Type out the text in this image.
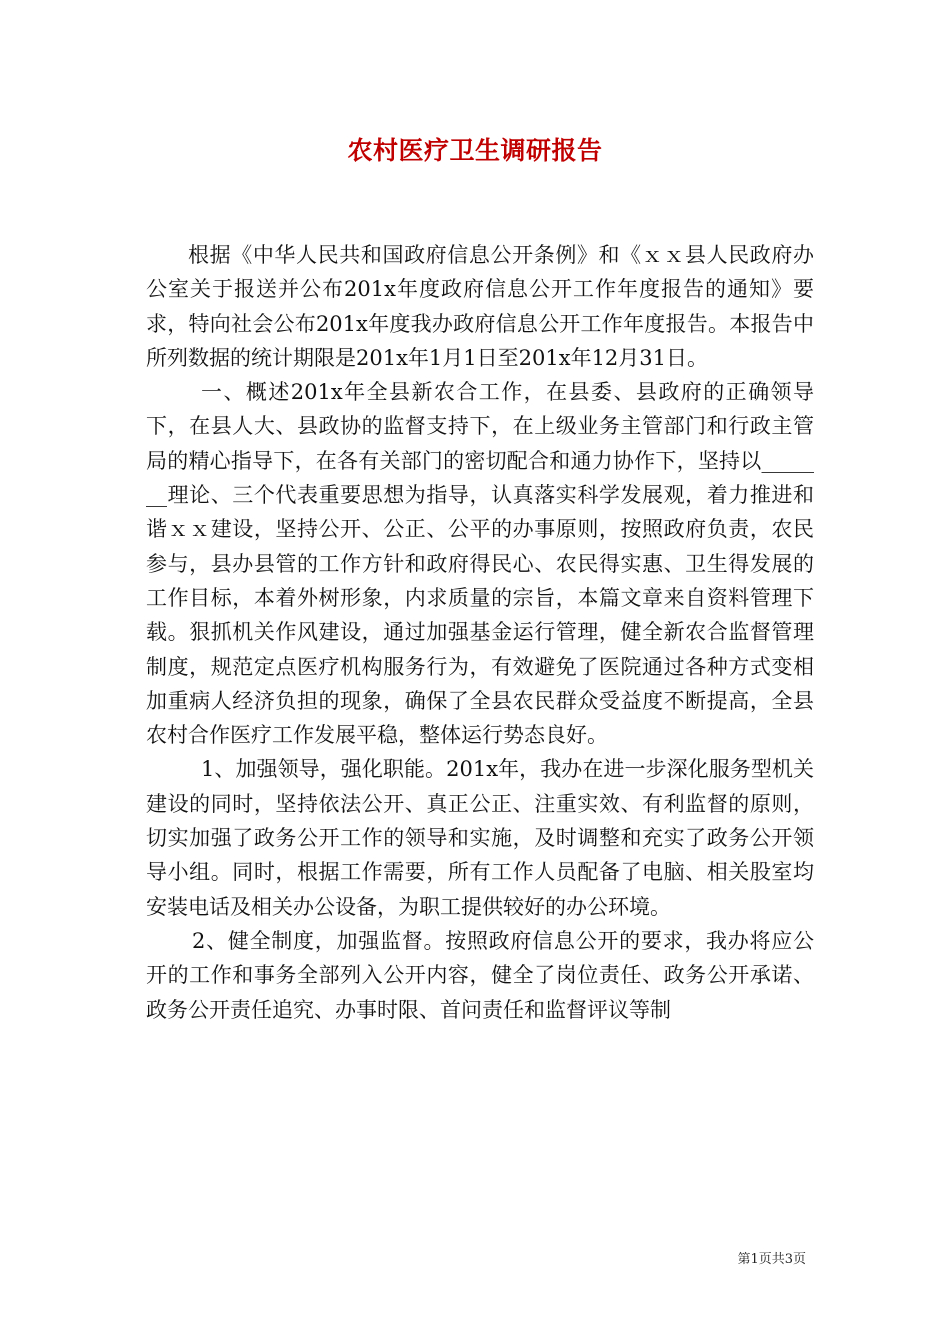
农村医疗卫生调研报告

根据《中华人民共和国政府信息公开条例》和《ｘｘ县人民政府办公室关于报送并公布201x年度政府信息公开工作年度报告的通知》要求，特向社会公布201x年度我办政府信息公开工作年度报告。本报告中所列数据的统计期限是201x年1月1日至201x年12月31日。

一、概述201x年全县新农合工作，在县委、县政府的正确领导下，在县人大、县政协的监督支持下，在上级业务主管部门和行政主管局的精心指导下，在各有关部门的密切配合和通力协作下，坚持以_______理论、三个代表重要思想为指导，认真落实科学发展观，着力推进和谐ｘｘ建设，坚持公开、公正、公平的办事原则，按照政府负责，农民参与，县办县管的工作方针和政府得民心、农民得实惠、卫生得发展的工作目标，本着外树形象，内求质量的宗旨，本篇文章来自资料管理下载。狠抓机关作风建设，通过加强基金运行管理，健全新农合监督管理制度，规范定点医疗机构服务行为，有效避免了医院通过各种方式变相加重病人经济负担的现象，确保了全县农民群众受益度不断提高，全县农村合作医疗工作发展平稳，整体运行势态良好。

1、加强领导，强化职能。201x年，我办在进一步深化服务型机关建设的同时，坚持依法公开、真正公正、注重实效、有利监督的原则，切实加强了政务公开工作的领导和实施，及时调整和充实了政务公开领导小组。同时，根据工作需要，所有工作人员配备了电脑、相关股室均安装电话及相关办公设备，为职工提供较好的办公环境。

2、健全制度，加强监督。按照政府信息公开的要求，我办将应公开的工作和事务全部列入公开内容，健全了岗位责任、政务公开承诺、政务公开责任追究、办事时限、首问责任和监督评议等制

第1页共3页
